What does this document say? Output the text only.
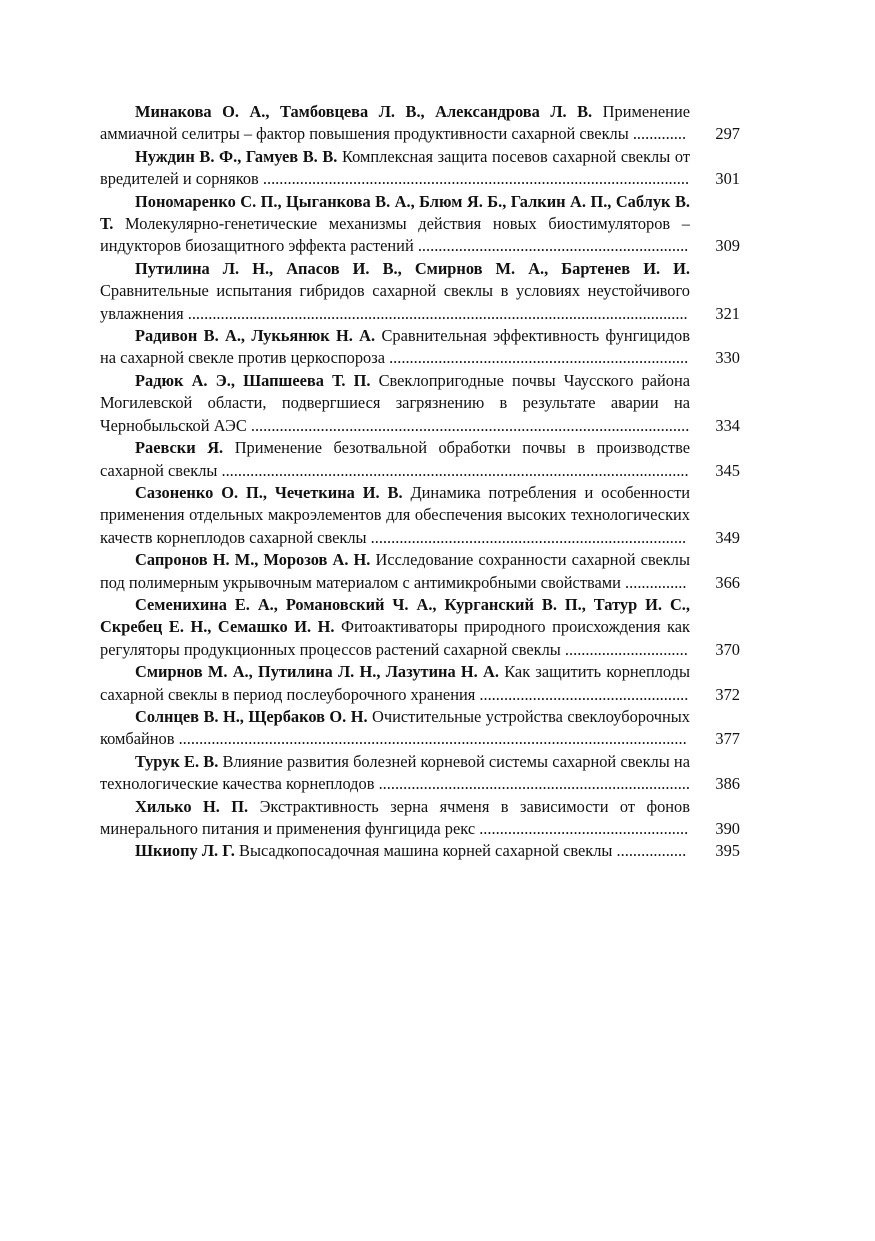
Минакова О. А., Тамбовцева Л. В., Александрова Л. В. Применение аммиачной селитры – фактор повышения продуктивности сахарной свеклы .............	297
Нуждин В. Ф., Гамуев В. В. Комплексная защита посевов сахарной свеклы от вредителей и сорняков ........................................................................................................	301
Пономаренко С. П., Цыганкова В. А., Блюм Я. Б., Галкин А. П., Саблук В. Т. Молекулярно-генетические механизмы действия новых биостимуляторов – индукторов биозащитного эффекта растений ..................................................................	309
Путилина Л. Н., Апасов И. В., Смирнов М. А., Бартенев И. И. Сравнительные испытания гибридов сахарной свеклы в условиях неустойчивого увлажнения ..........................................................................................................................	321
Радивон В. А., Лукьянюк Н. А. Сравнительная эффективность фунгицидов на сахарной свекле против церкоспороза .........................................................................	330
Радюк А. Э., Шапшеева Т. П. Свеклопригодные почвы Чаусского района Могилевской области, подвергшиеся загрязнению в результате аварии на Чернобыльской АЭС ...........................................................................................................	334
Раевски Я. Применение безотвальной обработки почвы в производстве сахарной свеклы ..................................................................................................................	345
Сазоненко О. П., Чечеткина И. В. Динамика потребления и особенности применения отдельных макроэлементов для обеспечения высоких технологических качеств корнеплодов сахарной свеклы .............................................................................	349
Сапронов Н. М., Морозов А. Н. Исследование сохранности сахарной свеклы под полимерным укрывочным материалом с антимикробными свойствами ...............	366
Семенихина Е. А., Романовский Ч. А., Курганский В. П., Татур И. С., Скребец Е. Н., Семашко И. Н. Фитоактиваторы природного происхождения как регуляторы продукционных процессов растений сахарной свеклы ..............................	370
Смирнов М. А., Путилина Л. Н., Лазутина Н. А. Как защитить корнеплоды сахарной свеклы в период послеуборочного хранения ...................................................	372
Солнцев В. Н., Щербаков О. Н. Очистительные устройства свеклоуборочных комбайнов ............................................................................................................................	377
Турук Е. В. Влияние развития болезней корневой системы сахарной свеклы на технологические качества корнеплодов ............................................................................	386
Хилько Н. П. Экстрактивность зерна ячменя в зависимости от фонов минерального питания и применения фунгицида рекс ...................................................	390
Шкиопу Л. Г. Высадкопосадочная машина корней сахарной свеклы .................	395
